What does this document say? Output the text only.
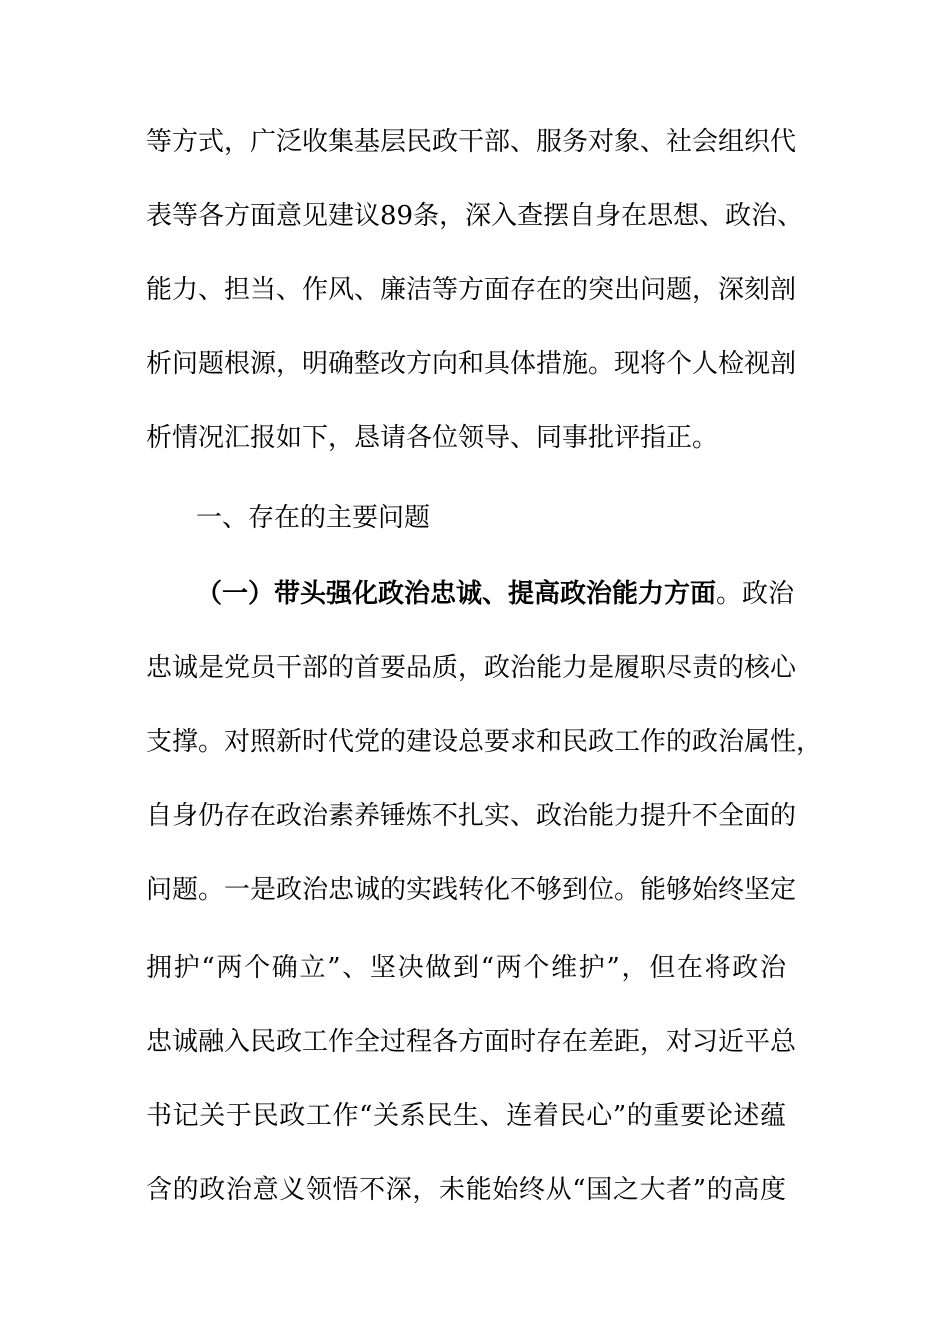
等方式，广泛收集基层民政干部、服务对象、社会组织代
表等各方面意见建议89条，深入查摆自身在思想、政治、
能力、担当、作风、廉洁等方面存在的突出问题，深刻剖
析问题根源，明确整改方向和具体措施。现将个人检视剖
析情况汇报如下，恳请各位领导、同事批评指正。
一、存在的主要问题
（一）带头强化政治忠诚、提高政治能力方面。政治
忠诚是党员干部的首要品质，政治能力是履职尽责的核心
支撑。对照新时代党的建设总要求和民政工作的政治属性，
自身仍存在政治素养锤炼不扎实、政治能力提升不全面的
问题。一是政治忠诚的实践转化不够到位。能够始终坚定
拥护“两个确立”、坚决做到“两个维护”，但在将政治
忠诚融入民政工作全过程各方面时存在差距，对习近平总
书记关于民政工作“关系民生、连着民心”的重要论述蕴
含的政治意义领悟不深，未能始终从“国之大者”的高度
